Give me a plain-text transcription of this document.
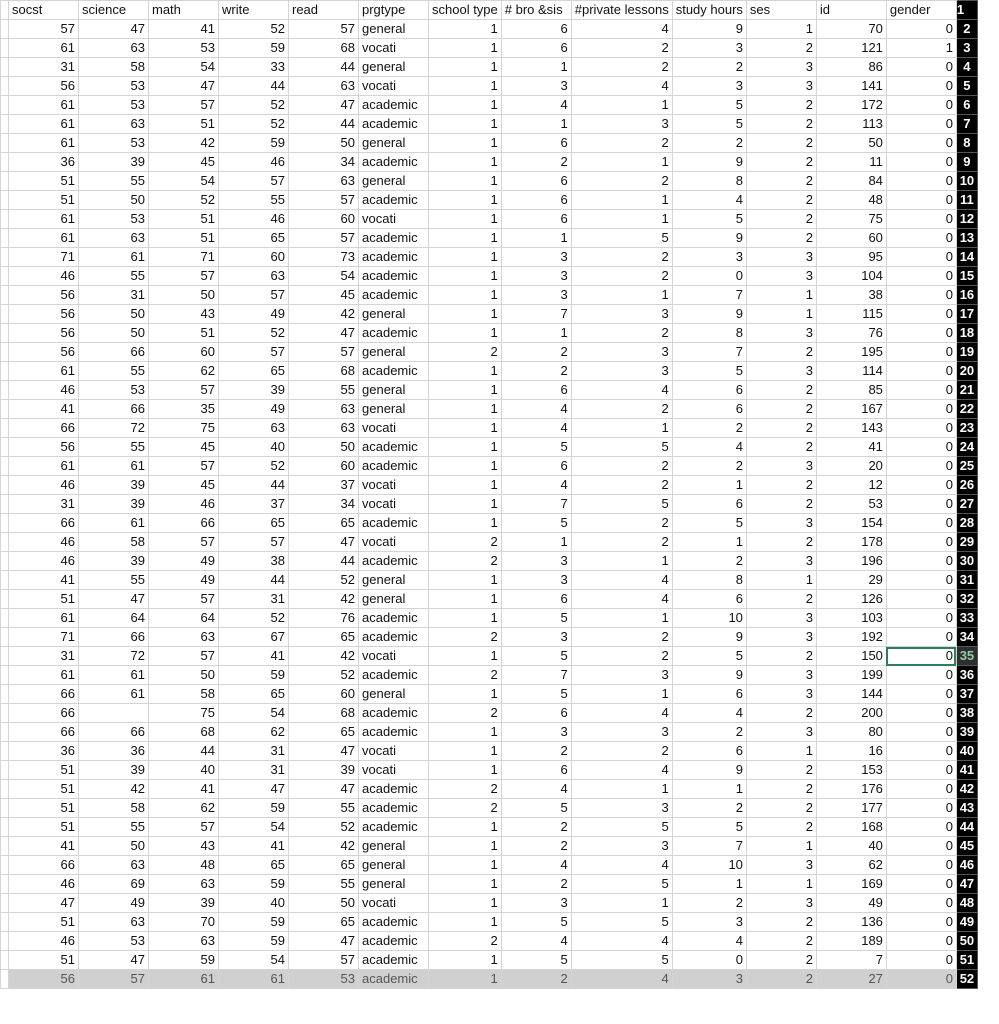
	socst	science	math	write	read	prgtype	school type	# bro &sis	#private lessons	study hours	ses	id	gender	1
	57	47	41	52	57	general	1	6	4	9	1	70	0	2
	61	63	53	59	68	vocati	1	6	2	3	2	121	1	3
	31	58	54	33	44	general	1	1	2	2	3	86	0	4
	56	53	47	44	63	vocati	1	3	4	3	3	141	0	5
	61	53	57	52	47	academic	1	4	1	5	2	172	0	6
	61	63	51	52	44	academic	1	1	3	5	2	113	0	7
	61	53	42	59	50	general	1	6	2	2	2	50	0	8
	36	39	45	46	34	academic	1	2	1	9	2	11	0	9
	51	55	54	57	63	general	1	6	2	8	2	84	0	10
	51	50	52	55	57	academic	1	6	1	4	2	48	0	11
	61	53	51	46	60	vocati	1	6	1	5	2	75	0	12
	61	63	51	65	57	academic	1	1	5	9	2	60	0	13
	71	61	71	60	73	academic	1	3	2	3	3	95	0	14
	46	55	57	63	54	academic	1	3	2	0	3	104	0	15
	56	31	50	57	45	academic	1	3	1	7	1	38	0	16
	56	50	43	49	42	general	1	7	3	9	1	115	0	17
	56	50	51	52	47	academic	1	1	2	8	3	76	0	18
	56	66	60	57	57	general	2	2	3	7	2	195	0	19
	61	55	62	65	68	academic	1	2	3	5	3	114	0	20
	46	53	57	39	55	general	1	6	4	6	2	85	0	21
	41	66	35	49	63	general	1	4	2	6	2	167	0	22
	66	72	75	63	63	vocati	1	4	1	2	2	143	0	23
	56	55	45	40	50	academic	1	5	5	4	2	41	0	24
	61	61	57	52	60	academic	1	6	2	2	3	20	0	25
	46	39	45	44	37	vocati	1	4	2	1	2	12	0	26
	31	39	46	37	34	vocati	1	7	5	6	2	53	0	27
	66	61	66	65	65	academic	1	5	2	5	3	154	0	28
	46	58	57	57	47	vocati	2	1	2	1	2	178	0	29
	46	39	49	38	44	academic	2	3	1	2	3	196	0	30
	41	55	49	44	52	general	1	3	4	8	1	29	0	31
	51	47	57	31	42	general	1	6	4	6	2	126	0	32
	61	64	64	52	76	academic	1	5	1	10	3	103	0	33
	71	66	63	67	65	academic	2	3	2	9	3	192	0	34
	31	72	57	41	42	vocati	1	5	2	5	2	150	0	35
	61	61	50	59	52	academic	2	7	3	9	3	199	0	36
	66	61	58	65	60	general	1	5	1	6	3	144	0	37
	66		75	54	68	academic	2	6	4	4	2	200	0	38
	66	66	68	62	65	academic	1	3	3	2	3	80	0	39
	36	36	44	31	47	vocati	1	2	2	6	1	16	0	40
	51	39	40	31	39	vocati	1	6	4	9	2	153	0	41
	51	42	41	47	47	academic	2	4	1	1	2	176	0	42
	51	58	62	59	55	academic	2	5	3	2	2	177	0	43
	51	55	57	54	52	academic	1	2	5	5	2	168	0	44
	41	50	43	41	42	general	1	2	3	7	1	40	0	45
	66	63	48	65	65	general	1	4	4	10	3	62	0	46
	46	69	63	59	55	general	1	2	5	1	1	169	0	47
	47	49	39	40	50	vocati	1	3	1	2	3	49	0	48
	51	63	70	59	65	academic	1	5	5	3	2	136	0	49
	46	53	63	59	47	academic	2	4	4	4	2	189	0	50
	51	47	59	54	57	academic	1	5	5	0	2	7	0	51
	56	57	61	61	53	academic	1	2	4	3	2	27	0	52
